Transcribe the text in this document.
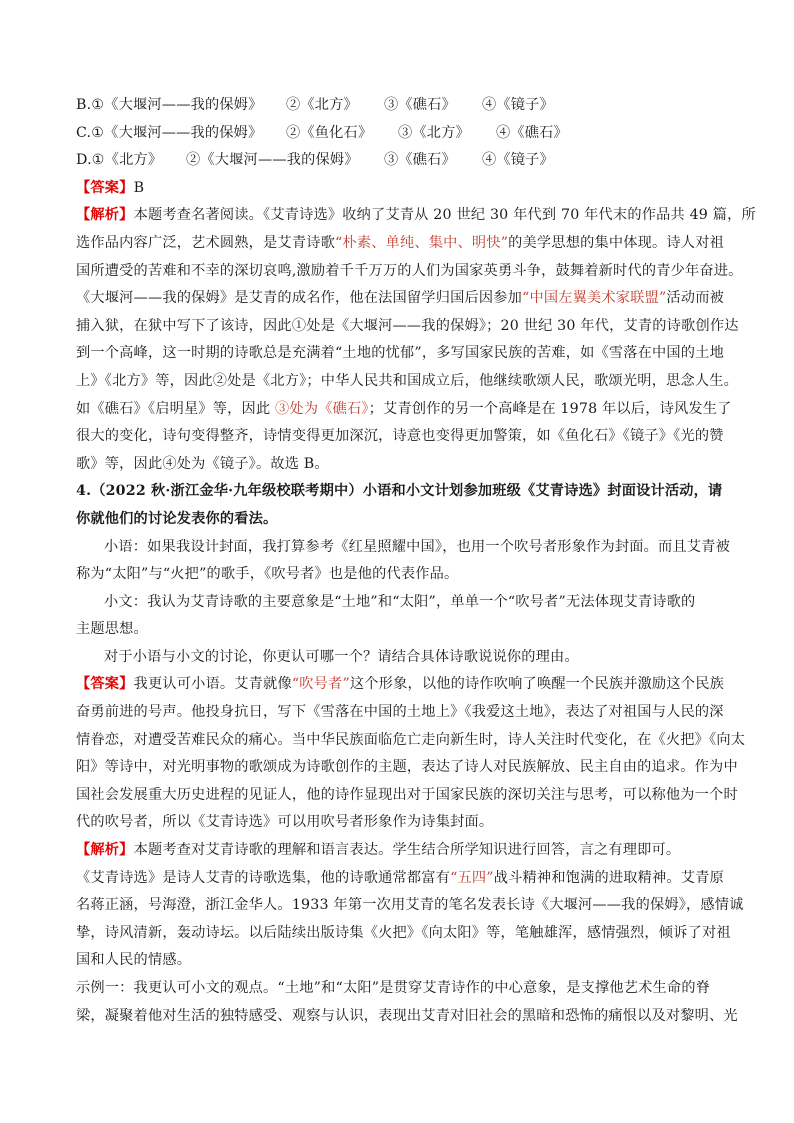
B.①《大堰河——我的保姆》 ②《北方》 ③《礁石》 ④《镜子》
C.①《大堰河——我的保姆》 ②《鱼化石》 ③《北方》 ④《礁石》
D.①《北方》 ②《大堰河——我的保姆》 ③《礁石》 ④《镜子》
【答案】B
【解析】本题考查名著阅读。《艾青诗选》收纳了艾青从 20 世纪 30 年代到 70 年代末的作品共 49 篇，所
选作品内容广泛，艺术圆熟，是艾青诗歌“朴素、单纯、集中、明快”的美学思想的集中体现。诗人对祖
国所遭受的苦难和不幸的深切哀鸣,激励着千千万万的人们为国家英勇斗争，鼓舞着新时代的青少年奋进。
《大堰河——我的保姆》是艾青的成名作，他在法国留学归国后因参加“中国左翼美术家联盟”活动而被
捕入狱，在狱中写下了该诗，因此①处是《大堰河——我的保姆》；20 世纪 30 年代，艾青的诗歌创作达
到一个高峰，这一时期的诗歌总是充满着“土地的忧郁”，多写国家民族的苦难，如《雪落在中国的土地
上》《北方》等，因此②处是《北方》；中华人民共和国成立后，他继续歌颂人民，歌颂光明，思念人生。
如《礁石》《启明星》等，因此 ③处为《礁石》；艾青创作的另一个高峰是在 1978 年以后，诗风发生了
很大的变化，诗句变得整齐，诗情变得更加深沉，诗意也变得更加警策，如《鱼化石》《镜子》《光的赞
歌》等，因此④处为《镜子》。故选 B。
4.（2022 秋·浙江金华·九年级校联考期中）小语和小文计划参加班级《艾青诗选》封面设计活动，请
你就他们的讨论发表你的看法。
小语：如果我设计封面，我打算参考《红星照耀中国》，也用一个吹号者形象作为封面。而且艾青被
称为“太阳”与“火把”的歌手，《吹号者》也是他的代表作品。
小文：我认为艾青诗歌的主要意象是“土地”和“太阳”，单单一个“吹号者”无法体现艾青诗歌的
主题思想。
对于小语与小文的讨论，你更认可哪一个？请结合具体诗歌说说你的理由。
【答案】我更认可小语。艾青就像“吹号者”这个形象，以他的诗作吹响了唤醒一个民族并激励这个民族
奋勇前进的号声。他投身抗日，写下《雪落在中国的土地上》《我爱这土地》，表达了对祖国与人民的深
情眷恋，对遭受苦难民众的痛心。当中华民族面临危亡走向新生时，诗人关注时代变化，在《火把》《向太
阳》等诗中，对光明事物的歌颂成为诗歌创作的主题，表达了诗人对民族解放、民主自由的追求。作为中
国社会发展重大历史进程的见证人，他的诗作显现出对于国家民族的深切关注与思考，可以称他为一个时
代的吹号者，所以《艾青诗选》可以用吹号者形象作为诗集封面。
【解析】本题考查对艾青诗歌的理解和语言表达。学生结合所学知识进行回答，言之有理即可。
《艾青诗选》是诗人艾青的诗歌选集，他的诗歌通常都富有“五四”战斗精神和饱满的进取精神。艾青原
名蒋正涵，号海澄，浙江金华人。1933 年第一次用艾青的笔名发表长诗《大堰河——我的保姆》，感情诚
挚，诗风清新，轰动诗坛。以后陆续出版诗集《火把》《向太阳》等，笔触雄浑，感情强烈，倾诉了对祖
国和人民的情感。
示例一：我更认可小文的观点。“土地”和“太阳”是贯穿艾青诗作的中心意象，是支撑他艺术生命的脊
梁，凝聚着他对生活的独特感受、观察与认识，表现出艾青对旧社会的黑暗和恐怖的痛恨以及对黎明、光
